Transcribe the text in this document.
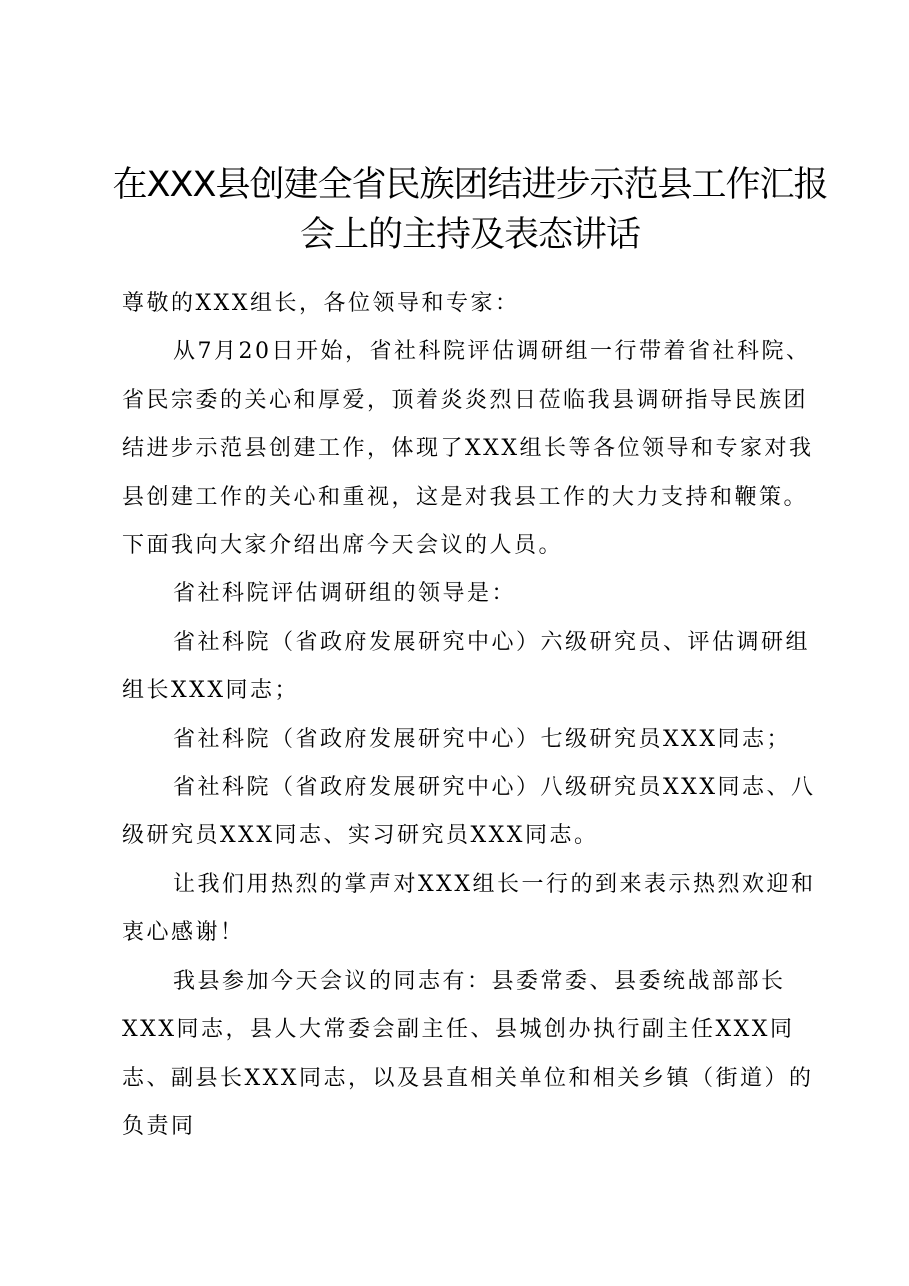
在XXX县创建全省民族团结进步示范县工作汇报
会上的主持及表态讲话

尊敬的XXX组长，各位领导和专家：

从7月20日开始，省社科院评估调研组一行带着省社科院、省民宗委的关心和厚爱，顶着炎炎烈日莅临我县调研指导民族团结进步示范县创建工作，体现了XXX组长等各位领导和专家对我县创建工作的关心和重视，这是对我县工作的大力支持和鞭策。下面我向大家介绍出席今天会议的人员。

省社科院评估调研组的领导是：

省社科院（省政府发展研究中心）六级研究员、评估调研组组长XXX同志；

省社科院（省政府发展研究中心）七级研究员XXX同志；

省社科院（省政府发展研究中心）八级研究员XXX同志、八级研究员XXX同志、实习研究员XXX同志。

让我们用热烈的掌声对XXX组长一行的到来表示热烈欢迎和衷心感谢！

我县参加今天会议的同志有：县委常委、县委统战部部长XXX同志，县人大常委会副主任、县城创办执行副主任XXX同志、副县长XXX同志，以及县直相关单位和相关乡镇（街道）的负责同
